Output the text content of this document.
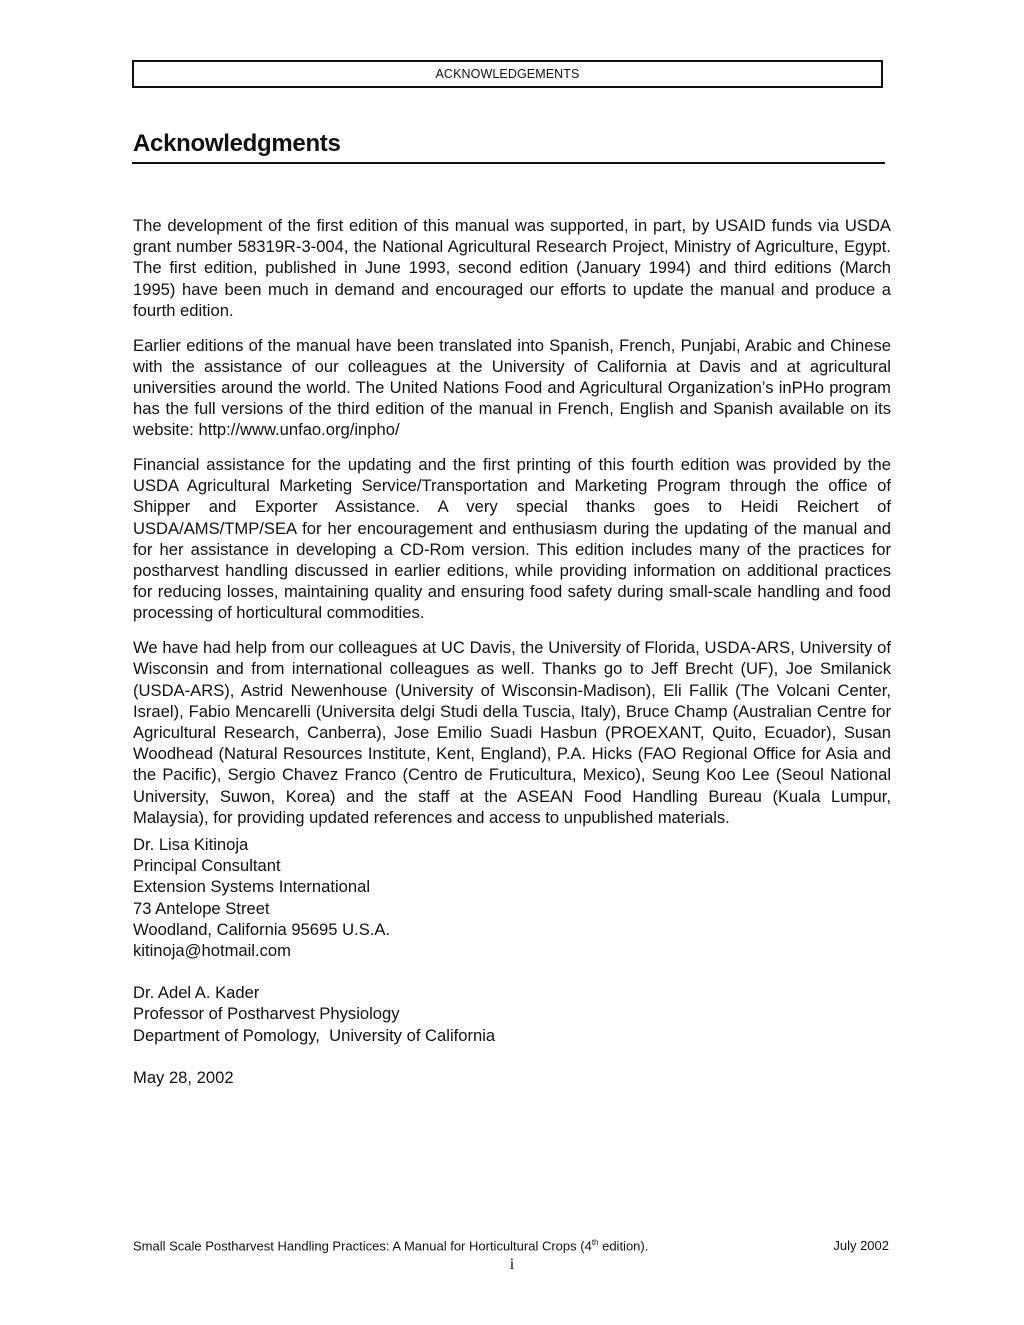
ACKNOWLEDGEMENTS
Acknowledgments

The development of the first edition of this manual was supported, in part, by USAID funds via USDA grant number 58319R-3-004, the National Agricultural Research Project, Ministry of Agriculture, Egypt. The first edition, published in June 1993, second edition (January 1994) and third editions (March 1995) have been much in demand and encouraged our efforts to update the manual and produce a fourth edition.

Earlier editions of the manual have been translated into Spanish, French, Punjabi, Arabic and Chinese with the assistance of our colleagues at the University of California at Davis and at agricultural universities around the world. The United Nations Food and Agricultural Organization’s inPHo program has the full versions of the third edition of the manual in French, English and Spanish available on its website: http://www.unfao.org/inpho/

Financial assistance for the updating and the first printing of this fourth edition was provided by the USDA Agricultural Marketing Service/Transportation and Marketing Program through the office of Shipper and Exporter Assistance. A very special thanks goes to Heidi Reichert of USDA/AMS/TMP/SEA for her encouragement and enthusiasm during the updating of the manual and for her assistance in developing a CD-Rom version. This edition includes many of the practices for postharvest handling discussed in earlier editions, while providing information on additional practices for reducing losses, maintaining quality and ensuring food safety during small-scale handling and food processing of horticultural commodities.

We have had help from our colleagues at UC Davis, the University of Florida, USDA-ARS, University of Wisconsin and from international colleagues as well. Thanks go to Jeff Brecht (UF), Joe Smilanick (USDA-ARS), Astrid Newenhouse (University of Wisconsin-Madison), Eli Fallik (The Volcani Center, Israel), Fabio Mencarelli (Universita delgi Studi della Tuscia, Italy), Bruce Champ (Australian Centre for Agricultural Research, Canberra), Jose Emilio Suadi Hasbun (PROEXANT, Quito, Ecuador), Susan Woodhead (Natural Resources Institute, Kent, England), P.A. Hicks (FAO Regional Office for Asia and the Pacific), Sergio Chavez Franco (Centro de Fruticultura, Mexico), Seung Koo Lee (Seoul National University, Suwon, Korea) and the staff at the ASEAN Food Handling Bureau (Kuala Lumpur, Malaysia), for providing updated references and access to unpublished materials.

Dr. Lisa Kitinoja
Principal Consultant
Extension Systems International
73 Antelope Street
Woodland, California 95695 U.S.A.
kitinoja@hotmail.com
Dr. Adel A. Kader
Professor of Postharvest Physiology
Department of Pomology,  University of California
May 28, 2002
Small Scale Postharvest Handling Practices: A Manual for Horticultural Crops (4th edition).	July 2002
i
